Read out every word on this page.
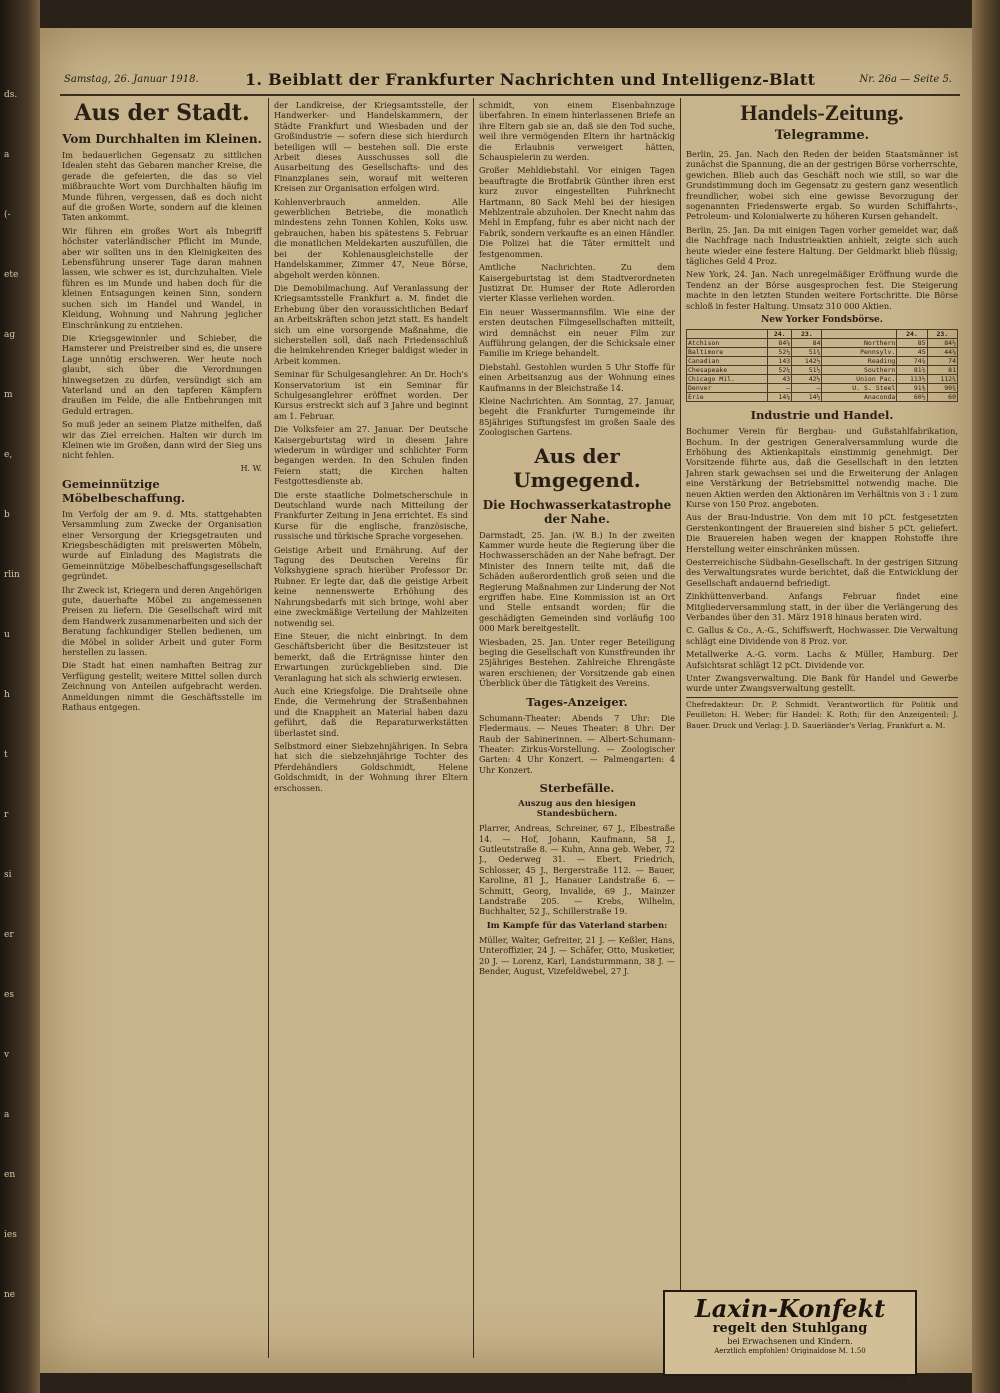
ds.
a
(-
ete
ag
m
e,
b
rlin
u
h
t
r
si
er
es
v
a
en
ies
ne
Samstag, 26. Januar 1918.	1. Beiblatt der Frankfurter Nachrichten und Intelligenz-Blatt	Nr. 26a — Seite 5.
Aus der Stadt.
Vom Durchhalten im Kleinen.

Im bedauerlichen Gegensatz zu sittlichen Idealen steht das Gebaren mancher Kreise, die gerade die gefeierten, die das so viel mißbrauchte Wort vom Durchhalten häufig im Munde führen, vergessen, daß es doch nicht auf die großen Worte, sondern auf die kleinen Taten ankommt.

Wir führen ein großes Wort als Inbegriff höchster vaterländischer Pflicht im Munde, aber wir sollten uns in den Kleinigkeiten des Lebensführung unserer Tage daran mahnen lassen, wie schwer es ist, durchzuhalten. Viele führen es im Munde und haben doch für die kleinen Entsagungen keinen Sinn, sondern suchen sich im Handel und Wandel, in Kleidung, Wohnung und Nahrung jeglicher Einschränkung zu entziehen.

Die Kriegsgewinnler und Schieber, die Hamsterer und Preistreiber sind es, die unsere Lage unnötig erschweren. Wer heute noch glaubt, sich über die Verordnungen hinwegsetzen zu dürfen, versündigt sich am Vaterland und an den tapferen Kämpfern draußen im Felde, die alle Entbehrungen mit Geduld ertragen.

So muß jeder an seinem Platze mithelfen, daß wir das Ziel erreichen. Halten wir durch im Kleinen wie im Großen, dann wird der Sieg uns nicht fehlen.

H. W.

Gemeinnützige Möbelbeschaffung.

Im Verfolg der am 9. d. Mts. stattgehabten Versammlung zum Zwecke der Organisation einer Versorgung der Kriegsgetrauten und Kriegsbeschädigten mit preiswerten Möbeln, wurde auf Einladung des Magistrats die Gemeinnützige Möbelbeschaffungsgesellschaft gegründet.

Ihr Zweck ist, Kriegern und deren Angehörigen gute, dauerhafte Möbel zu angemessenen Preisen zu liefern. Die Gesellschaft wird mit dem Handwerk zusammenarbeiten und sich der Beratung fachkundiger Stellen bedienen, um die Möbel in solider Arbeit und guter Form herstellen zu lassen.

Die Stadt hat einen namhaften Beitrag zur Verfügung gestellt; weitere Mittel sollen durch Zeichnung von Anteilen aufgebracht werden. Anmeldungen nimmt die Geschäftsstelle im Rathaus entgegen.

der Landkreise, der Kriegsamtsstelle, der Handwerker- und Handelskammern, der Städte Frankfurt und Wiesbaden und der Großindustrie — sofern diese sich hierdurch beteiligen will — bestehen soll. Die erste Arbeit dieses Ausschusses soll die Ausarbeitung des Gesellschafts- und des Finanzplanes sein, worauf mit weiteren Kreisen zur Organisation erfolgen wird.

Kohlenverbrauch anmelden. Alle gewerblichen Betriebe, die monatlich mindestens zehn Tonnen Kohlen, Koks usw. gebrauchen, haben bis spätestens 5. Februar die monatlichen Meldekarten auszufüllen, die bei der Kohlenausgleichstelle der Handelskammer, Zimmer 47, Neue Börse, abgeholt werden können.

Die Demobilmachung. Auf Veranlassung der Kriegsamtsstelle Frankfurt a. M. findet die Erhebung über den voraussichtlichen Bedarf an Arbeitskräften schon jetzt statt. Es handelt sich um eine vorsorgende Maßnahme, die sicherstellen soll, daß nach Friedensschluß die heimkehrenden Krieger baldigst wieder in Arbeit kommen.

Seminar für Schulgesanglehrer. An Dr. Hoch's Konservatorium ist ein Seminar für Schulgesanglehrer eröffnet worden. Der Kursus erstreckt sich auf 3 Jahre und beginnt am 1. Februar.

Die Volksfeier am 27. Januar. Der Deutsche Kaisergeburtstag wird in diesem Jahre wiederum in würdiger und schlichter Form begangen werden. In den Schulen finden Feiern statt; die Kirchen halten Festgottesdienste ab.

Die erste staatliche Dolmetscherschule in Deutschland wurde nach Mitteilung der Frankfurter Zeitung in Jena errichtet. Es sind Kurse für die englische, französische, russische und türkische Sprache vorgesehen.

Geistige Arbeit und Ernährung. Auf der Tagung des Deutschen Vereins für Volkshygiene sprach hierüber Professor Dr. Rubner. Er legte dar, daß die geistige Arbeit keine nennenswerte Erhöhung des Nahrungsbedarfs mit sich bringe, wohl aber eine zweckmäßige Verteilung der Mahlzeiten notwendig sei.

Eine Steuer, die nicht einbringt. In dem Geschäftsbericht über die Besitzsteuer ist bemerkt, daß die Erträgnisse hinter den Erwartungen zurückgeblieben sind. Die Veranlagung hat sich als schwierig erwiesen.

Auch eine Kriegsfolge. Die Drahtseile ohne Ende, die Vermehrung der Straßenbahnen und die Knappheit an Material haben dazu geführt, daß die Reparaturwerkstätten überlastet sind.

Selbstmord einer Siebzehnjährigen. In Sebra hat sich die siebzehnjährige Tochter des Pferdehändlers Goldschmidt, Helene Goldschmidt, in der Wohnung ihrer Eltern erschossen.

schmidt, von einem Eisenbahnzuge überfahren. In einem hinterlassenen Briefe an ihre Eltern gab sie an, daß sie den Tod suche, weil ihre vermögenden Eltern ihr hartnäckig die Erlaubnis verweigert hätten, Schauspielerin zu werden.

Großer Mehldiebstahl. Vor einigen Tagen beauftragte die Brotfabrik Günther ihren erst kurz zuvor eingestellten Fuhrknecht Hartmann, 80 Sack Mehl bei der hiesigen Mehlzentrale abzuholen. Der Knecht nahm das Mehl in Empfang, fuhr es aber nicht nach der Fabrik, sondern verkaufte es an einen Händler. Die Polizei hat die Täter ermittelt und festgenommen.

Amtliche Nachrichten. Zu dem Kaisergeburtstag ist dem Stadtverordneten Justizrat Dr. Humser der Rote Adlerorden vierter Klasse verliehen worden.

Ein neuer Wassermannsfilm. Wie eine der ersten deutschen Filmgesellschaften mitteilt, wird demnächst ein neuer Film zur Aufführung gelangen, der die Schicksale einer Familie im Kriege behandelt.

Diebstahl. Gestohlen wurden 5 Uhr Stoffe für einen Arbeitsanzug aus der Wohnung eines Kaufmanns in der Bleichstraße 14.

Kleine Nachrichten. Am Sonntag, 27. Januar, begeht die Frankfurter Turngemeinde ihr 85jähriges Stiftungsfest im großen Saale des Zoologischen Gartens.

Aus der Umgegend.
Die Hochwasserkatastrophe der Nahe.

Darmstadt, 25. Jan. (W. B.) In der zweiten Kammer wurde heute die Regierung über die Hochwasserschäden an der Nahe befragt. Der Minister des Innern teilte mit, daß die Schäden außerordentlich groß seien und die Regierung Maßnahmen zur Linderung der Not ergriffen habe. Eine Kommission ist an Ort und Stelle entsandt worden; für die geschädigten Gemeinden sind vorläufig 100 000 Mark bereitgestellt.

Wiesbaden, 25. Jan. Unter reger Beteiligung beging die Gesellschaft von Kunstfreunden ihr 25jähriges Bestehen. Zahlreiche Ehrengäste waren erschienen; der Vorsitzende gab einen Überblick über die Tätigkeit des Vereins.

Tages-Anzeiger.

Schumann-Theater: Abends 7 Uhr: Die Fledermaus. — Neues Theater: 8 Uhr: Der Raub der Sabinerinnen. — Albert-Schumann-Theater: Zirkus-Vorstellung. — Zoologischer Garten: 4 Uhr Konzert. — Palmengarten: 4 Uhr Konzert.

Sterbefälle.
Auszug aus den hiesigen Standesbüchern.

Plarrer, Andreas, Schreiner, 67 J., Elbestraße 14. — Hof, Johann, Kaufmann, 58 J., Gutleutstraße 8. — Kuhn, Anna geb. Weber, 72 J., Oederweg 31. — Ebert, Friedrich, Schlosser, 45 J., Bergerstraße 112. — Bauer, Karoline, 81 J., Hanauer Landstraße 6. — Schmitt, Georg, Invalide, 69 J., Mainzer Landstraße 205. — Krebs, Wilhelm, Buchhalter, 52 J., Schillerstraße 19.

Im Kampfe für das Vaterland starben:

Müller, Walter, Gefreiter, 21 J. — Keßler, Hans, Unteroffizier, 24 J. — Schäfer, Otto, Musketier, 20 J. — Lorenz, Karl, Landsturmmann, 38 J. — Bender, August, Vizefeldwebel, 27 J.

Handels-Zeitung.
Telegramme.

Berlin, 25. Jan. Nach den Reden der beiden Staatsmänner ist zunächst die Spannung, die an der gestrigen Börse vorherrschte, gewichen. Blieb auch das Geschäft noch wie still, so war die Grundstimmung doch im Gegensatz zu gestern ganz wesentlich freundlicher, wobei sich eine gewisse Bevorzugung der sogenannten Friedenswerte ergab. So wurden Schiffahrts-, Petroleum- und Kolonialwerte zu höheren Kursen gehandelt.

Berlin, 25. Jan. Da mit einigen Tagen vorher gemeldet war, daß die Nachfrage nach Industrieaktien anhielt, zeigte sich auch heute wieder eine festere Haltung. Der Geldmarkt blieb flüssig; tägliches Geld 4 Proz.

New York, 24. Jan. Nach unregelmäßiger Eröffnung wurde die Tendenz an der Börse ausgesprochen fest. Die Steigerung machte in den letzten Stunden weitere Fortschritte. Die Börse schloß in fester Haltung. Umsatz 310 000 Aktien.

New Yorker Fondsbörse.
	24.	23.		24.	23.
Atchison	84⅝	84	Northern	85	84½
Baltimore	52½	51¾	Pennsylv.	45	44⅞
Canadian	143	142½	Reading	74⅞	74
Chesapeake	52¼	51½	Southern	81⅝	81
Chicago Mil.	43	42½	Union Pac.	113½	112¾
Denver	—	—	U. S. Steel	91⅜	90¾
Erie	14⅞	14½	Anaconda	60½	60
Industrie und Handel.

Bochumer Verein für Bergbau- und Gußstahlfabrikation, Bochum. In der gestrigen Generalversammlung wurde die Erhöhung des Aktienkapitals einstimmig genehmigt. Der Vorsitzende führte aus, daß die Gesellschaft in den letzten Jahren stark gewachsen sei und die Erweiterung der Anlagen eine Verstärkung der Betriebsmittel notwendig mache. Die neuen Aktien werden den Aktionären im Verhältnis von 3 : 1 zum Kurse von 150 Proz. angeboten.

Aus der Brau-Industrie. Von dem mit 10 pCt. festgesetzten Gerstenkontingent der Brauereien sind bisher 5 pCt. geliefert. Die Brauereien haben wegen der knappen Rohstoffe ihre Herstellung weiter einschränken müssen.

Oesterreichische Südbahn-Gesellschaft. In der gestrigen Sitzung des Verwaltungsrates wurde berichtet, daß die Entwicklung der Gesellschaft andauernd befriedigt.

Zinkhüttenverband. Anfangs Februar findet eine Mitgliederversammlung statt, in der über die Verlängerung des Verbandes über den 31. März 1918 hinaus beraten wird.

C. Gallus & Co., A.-G., Schiffswerft, Hochwasser. Die Verwaltung schlägt eine Dividende von 8 Proz. vor.

Metallwerke A.-G. vorm. Lachs & Müller, Hamburg. Der Aufsichtsrat schlägt 12 pCt. Dividende vor.

Unter Zwangsverwaltung. Die Bank für Handel und Gewerbe wurde unter Zwangsverwaltung gestellt.

Chefredakteur: Dr. P. Schmidt. Verantwortlich für Politik und Feuilleton: H. Weber; für Handel: K. Roth; für den Anzeigenteil: J. Bauer. Druck und Verlag: J. D. Sauerländer's Verlag, Frankfurt a. M.

Laxin-Konfekt
regelt den Stuhlgang
bei Erwachsenen und Kindern.
Aerztlich empfohlen! Originaldose M. 1.50
00010
